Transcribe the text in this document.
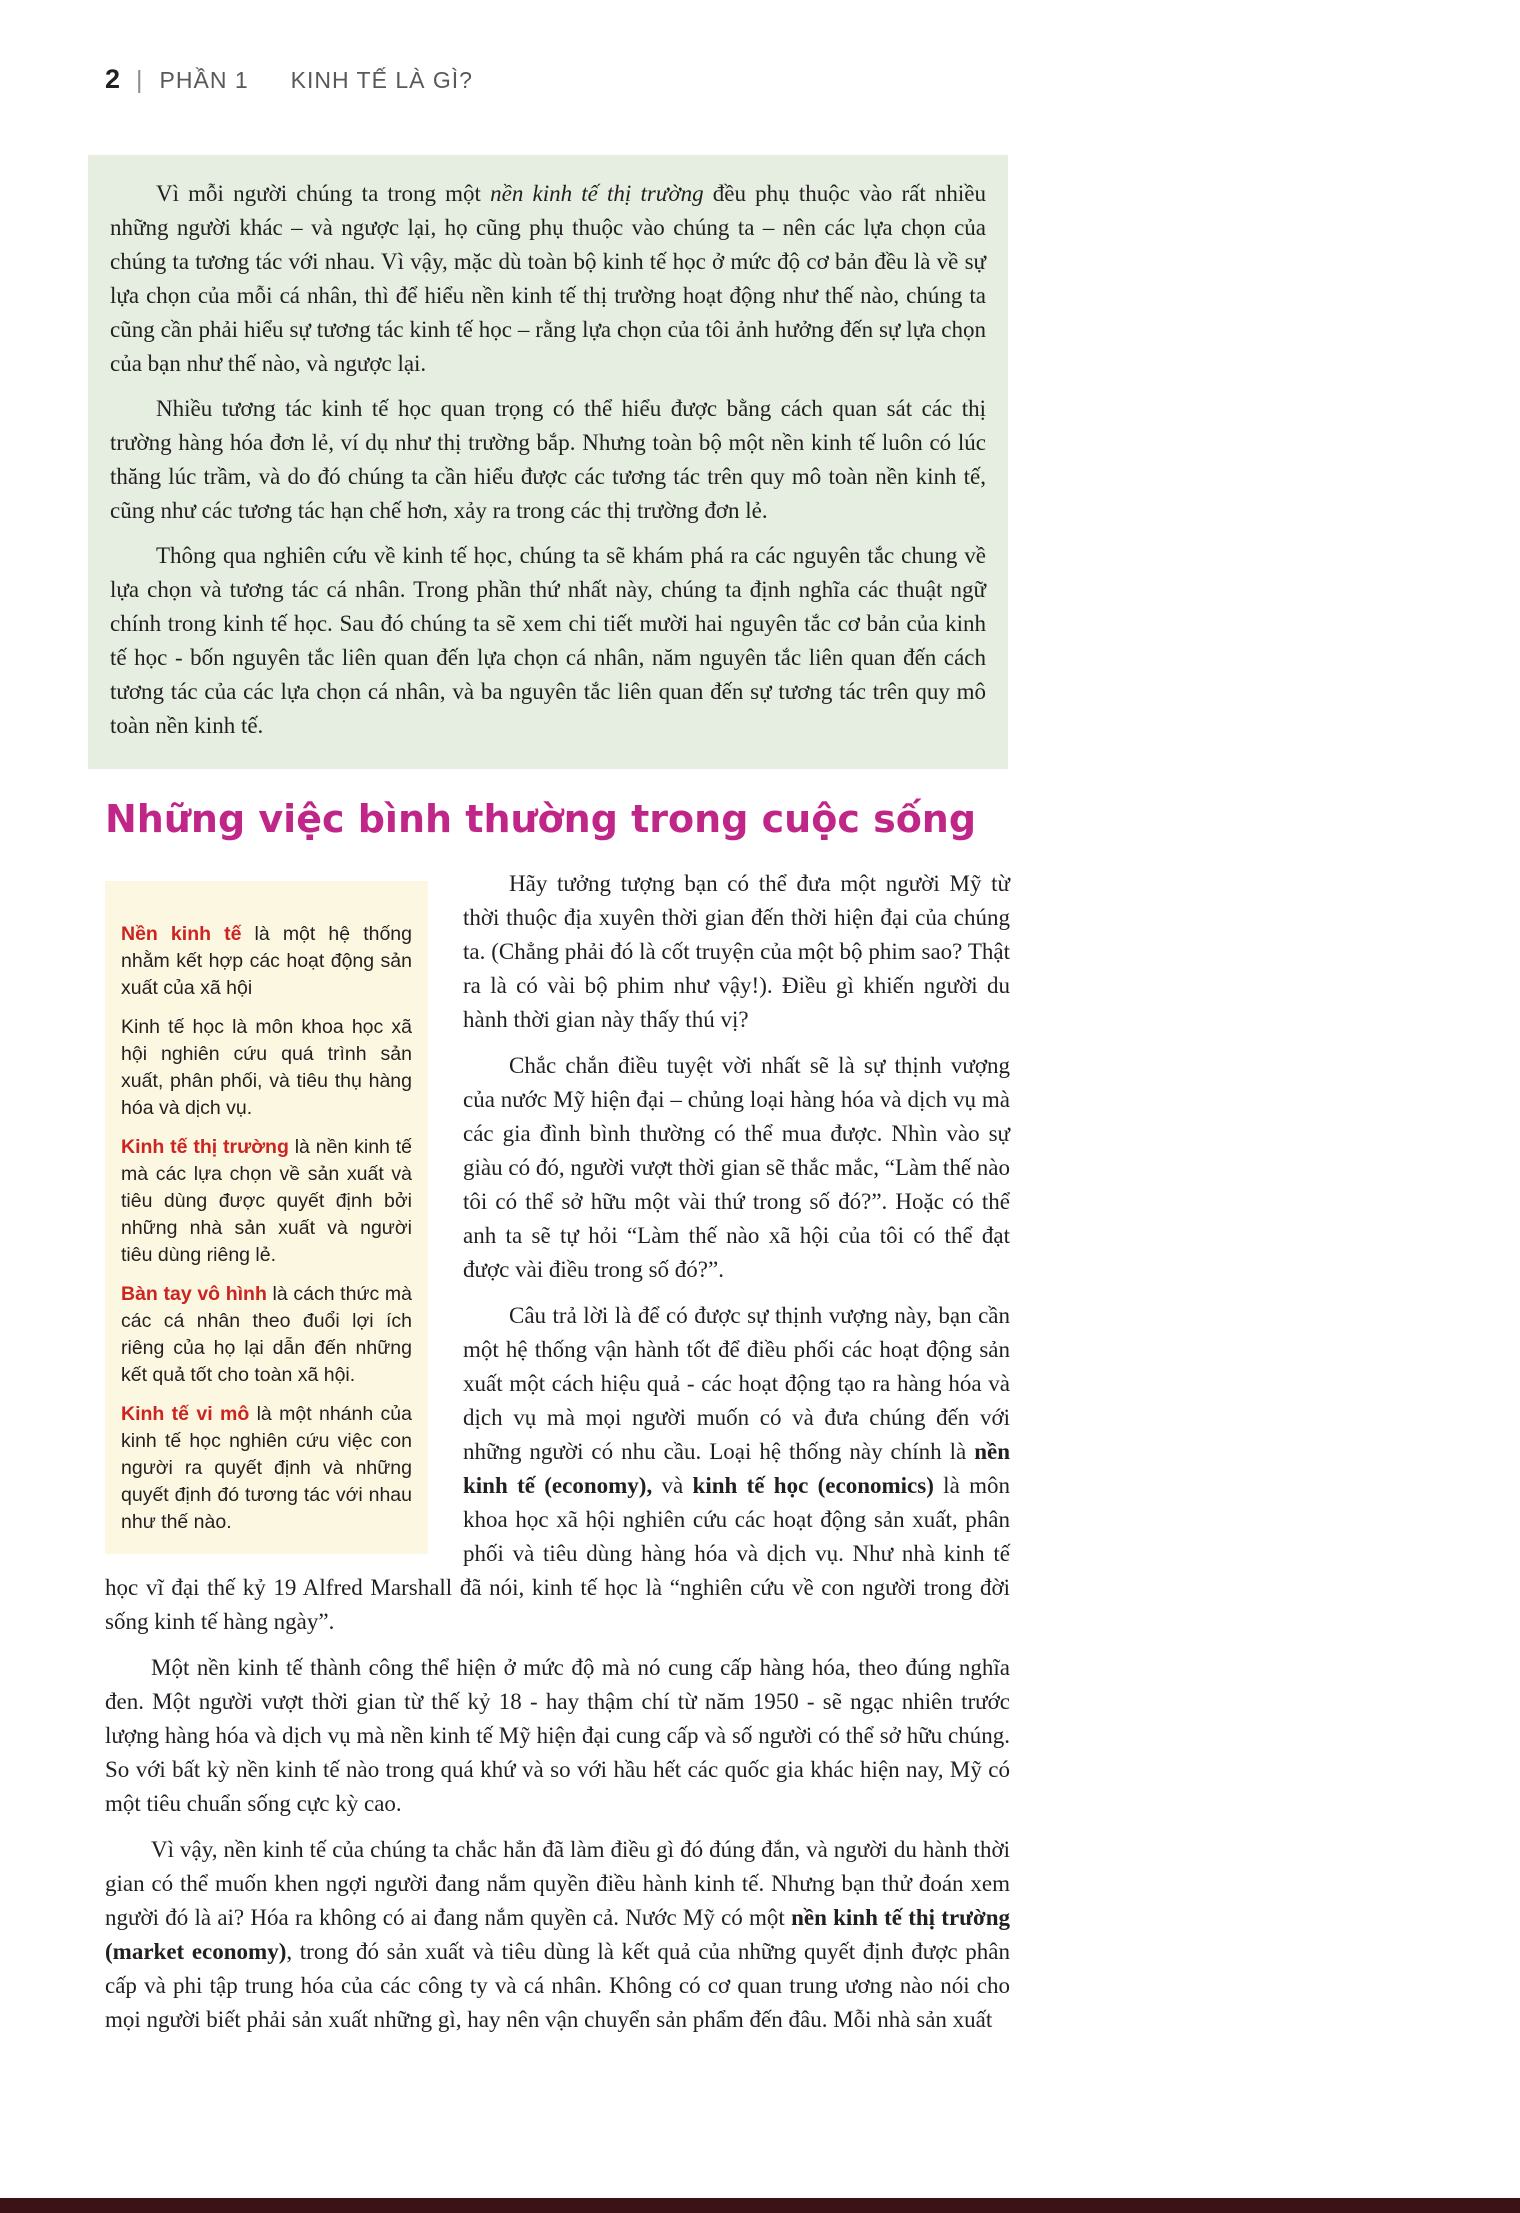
2 | PHẦN 1 KINH TẾ LÀ GÌ?

Vì mỗi người chúng ta trong một nền kinh tế thị trường đều phụ thuộc vào rất nhiều những người khác – và ngược lại, họ cũng phụ thuộc vào chúng ta – nên các lựa chọn của chúng ta tương tác với nhau. Vì vậy, mặc dù toàn bộ kinh tế học ở mức độ cơ bản đều là về sự lựa chọn của mỗi cá nhân, thì để hiểu nền kinh tế thị trường hoạt động như thế nào, chúng ta cũng cần phải hiểu sự tương tác kinh tế học – rằng lựa chọn của tôi ảnh hưởng đến sự lựa chọn của bạn như thế nào, và ngược lại.

Nhiều tương tác kinh tế học quan trọng có thể hiểu được bằng cách quan sát các thị trường hàng hóa đơn lẻ, ví dụ như thị trường bắp. Nhưng toàn bộ một nền kinh tế luôn có lúc thăng lúc trầm, và do đó chúng ta cần hiểu được các tương tác trên quy mô toàn nền kinh tế, cũng như các tương tác hạn chế hơn, xảy ra trong các thị trường đơn lẻ.

Thông qua nghiên cứu về kinh tế học, chúng ta sẽ khám phá ra các nguyên tắc chung về lựa chọn và tương tác cá nhân. Trong phần thứ nhất này, chúng ta định nghĩa các thuật ngữ chính trong kinh tế học. Sau đó chúng ta sẽ xem chi tiết mười hai nguyên tắc cơ bản của kinh tế học - bốn nguyên tắc liên quan đến lựa chọn cá nhân, năm nguyên tắc liên quan đến cách tương tác của các lựa chọn cá nhân, và ba nguyên tắc liên quan đến sự tương tác trên quy mô toàn nền kinh tế.

Những việc bình thường trong cuộc sống

Nền kinh tế là một hệ thống nhằm kết hợp các hoạt động sản xuất của xã hội

Kinh tế học là môn khoa học xã hội nghiên cứu quá trình sản xuất, phân phối, và tiêu thụ hàng hóa và dịch vụ.

Kinh tế thị trường là nền kinh tế mà các lựa chọn về sản xuất và tiêu dùng được quyết định bởi những nhà sản xuất và người tiêu dùng riêng lẻ.

Bàn tay vô hình là cách thức mà các cá nhân theo đuổi lợi ích riêng của họ lại dẫn đến những kết quả tốt cho toàn xã hội.

Kinh tế vi mô là một nhánh của kinh tế học nghiên cứu việc con người ra quyết định và những quyết định đó tương tác với nhau như thế nào.

Hãy tưởng tượng bạn có thể đưa một người Mỹ từ thời thuộc địa xuyên thời gian đến thời hiện đại của chúng ta. (Chẳng phải đó là cốt truyện của một bộ phim sao? Thật ra là có vài bộ phim như vậy!). Điều gì khiến người du hành thời gian này thấy thú vị?

Chắc chắn điều tuyệt vời nhất sẽ là sự thịnh vượng của nước Mỹ hiện đại – chủng loại hàng hóa và dịch vụ mà các gia đình bình thường có thể mua được. Nhìn vào sự giàu có đó, người vượt thời gian sẽ thắc mắc, “Làm thế nào tôi có thể sở hữu một vài thứ trong số đó?”. Hoặc có thể anh ta sẽ tự hỏi “Làm thế nào xã hội của tôi có thể đạt được vài điều trong số đó?”.

Câu trả lời là để có được sự thịnh vượng này, bạn cần một hệ thống vận hành tốt để điều phối các hoạt động sản xuất một cách hiệu quả - các hoạt động tạo ra hàng hóa và dịch vụ mà mọi người muốn có và đưa chúng đến với những người có nhu cầu. Loại hệ thống này chính là nền kinh tế (economy), và kinh tế học (economics) là môn khoa học xã hội nghiên cứu các hoạt động sản xuất, phân phối và tiêu dùng hàng hóa và dịch vụ. Như nhà kinh tế học vĩ đại thế kỷ 19 Alfred Marshall đã nói, kinh tế học là “nghiên cứu về con người trong đời sống kinh tế hàng ngày”.

Một nền kinh tế thành công thể hiện ở mức độ mà nó cung cấp hàng hóa, theo đúng nghĩa đen. Một người vượt thời gian từ thế kỷ 18 - hay thậm chí từ năm 1950 - sẽ ngạc nhiên trước lượng hàng hóa và dịch vụ mà nền kinh tế Mỹ hiện đại cung cấp và số người có thể sở hữu chúng. So với bất kỳ nền kinh tế nào trong quá khứ và so với hầu hết các quốc gia khác hiện nay, Mỹ có một tiêu chuẩn sống cực kỳ cao.

Vì vậy, nền kinh tế của chúng ta chắc hẳn đã làm điều gì đó đúng đắn, và người du hành thời gian có thể muốn khen ngợi người đang nắm quyền điều hành kinh tế. Nhưng bạn thử đoán xem người đó là ai? Hóa ra không có ai đang nắm quyền cả. Nước Mỹ có một nền kinh tế thị trường (market economy), trong đó sản xuất và tiêu dùng là kết quả của những quyết định được phân cấp và phi tập trung hóa của các công ty và cá nhân. Không có cơ quan trung ương nào nói cho mọi người biết phải sản xuất những gì, hay nên vận chuyển sản phẩm đến đâu. Mỗi nhà sản xuất
